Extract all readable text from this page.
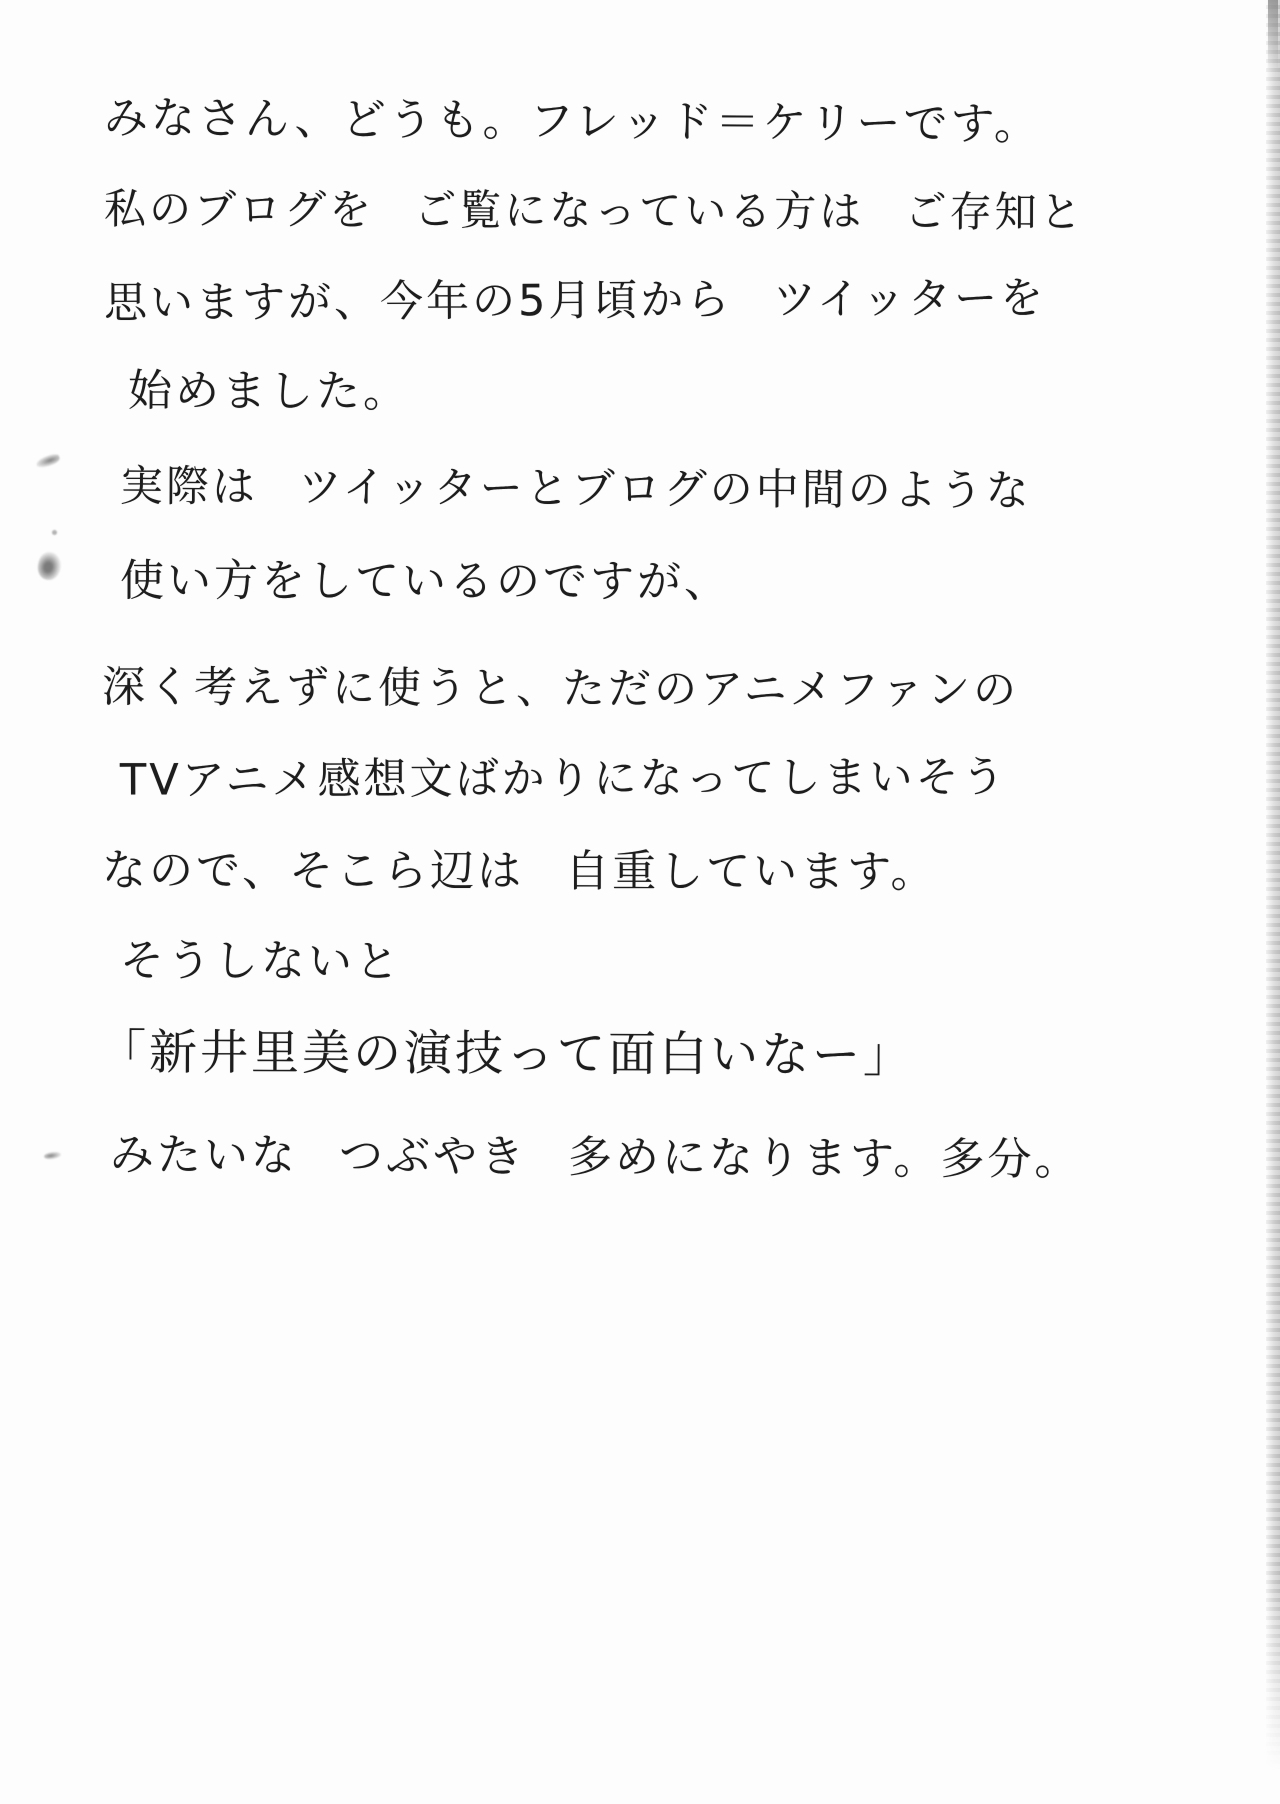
みなさん、どうも。フレッド＝ケリーです。
私のブログを ご覧になっている方は ご存知と
思いますが、今年の5月頃から ツイッターを
始めました。
実際は ツイッターとブログの中間のような
使い方をしているのですが、
深く考えずに使うと、ただのアニメファンの
TVアニメ感想文ばかりになってしまいそう
なので、そこら辺は 自重しています。
そうしないと
「新井里美の演技って面白いなー」
みたいな つぶやき 多めになります。多分。
